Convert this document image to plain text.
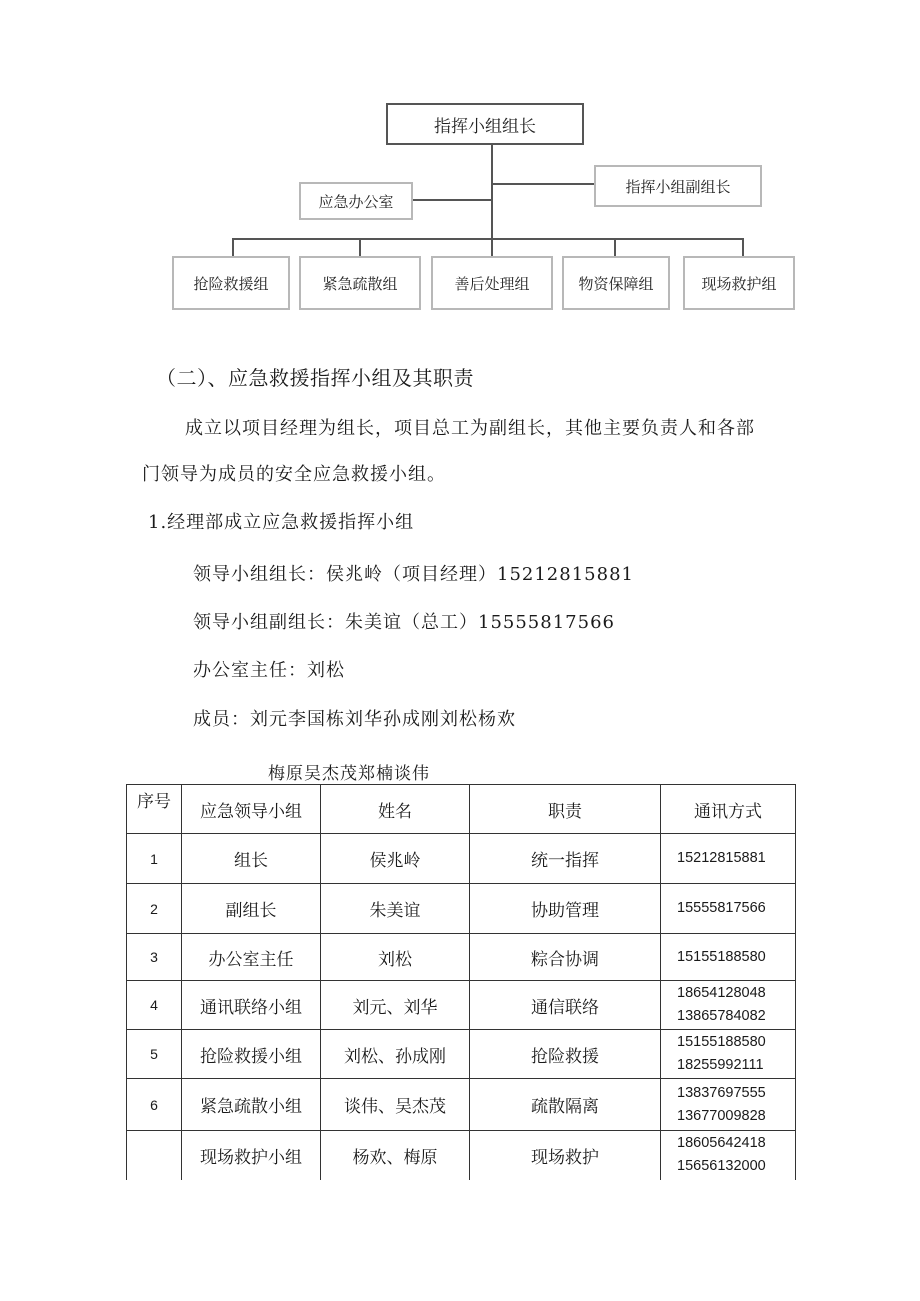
指挥小组组长
指挥小组副组长
应急办公室
抢险救援组	紧急疏散组	善后处理组	物资保障组	现场救护组
（二）、应急救援指挥小组及其职责
成立以项目经理为组长，项目总工为副组长，其他主要负责人和各部
门领导为成员的安全应急救援小组。
1.经理部成立应急救援指挥小组
领导小组组长：侯兆岭（项目经理）15212815881
领导小组副组长：朱美谊（总工）15555817566
办公室主任：刘松
成员：刘元李国栋刘华孙成刚刘松杨欢
梅原吴杰茂郑楠谈伟
序号	应急领导小组	姓名	职责	通讯方式
1	组长	侯兆岭	统一指挥	15212815881

2	副组长	朱美谊	协助管理	15555817566

3	办公室主任	刘松	粽合协调	15155188580

4	通讯联络小组	刘元、刘华	通信联络	18654128048
13865784082

5	抢险救援小组	刘松、孙成刚	抢险救援	15155188580
18255992111

6	紧急疏散小组	谈伟、吴杰茂	疏散隔离	13837697555
13677009828

	现场救护小组	杨欢、梅原	现场救护	18605642418
15656132000
